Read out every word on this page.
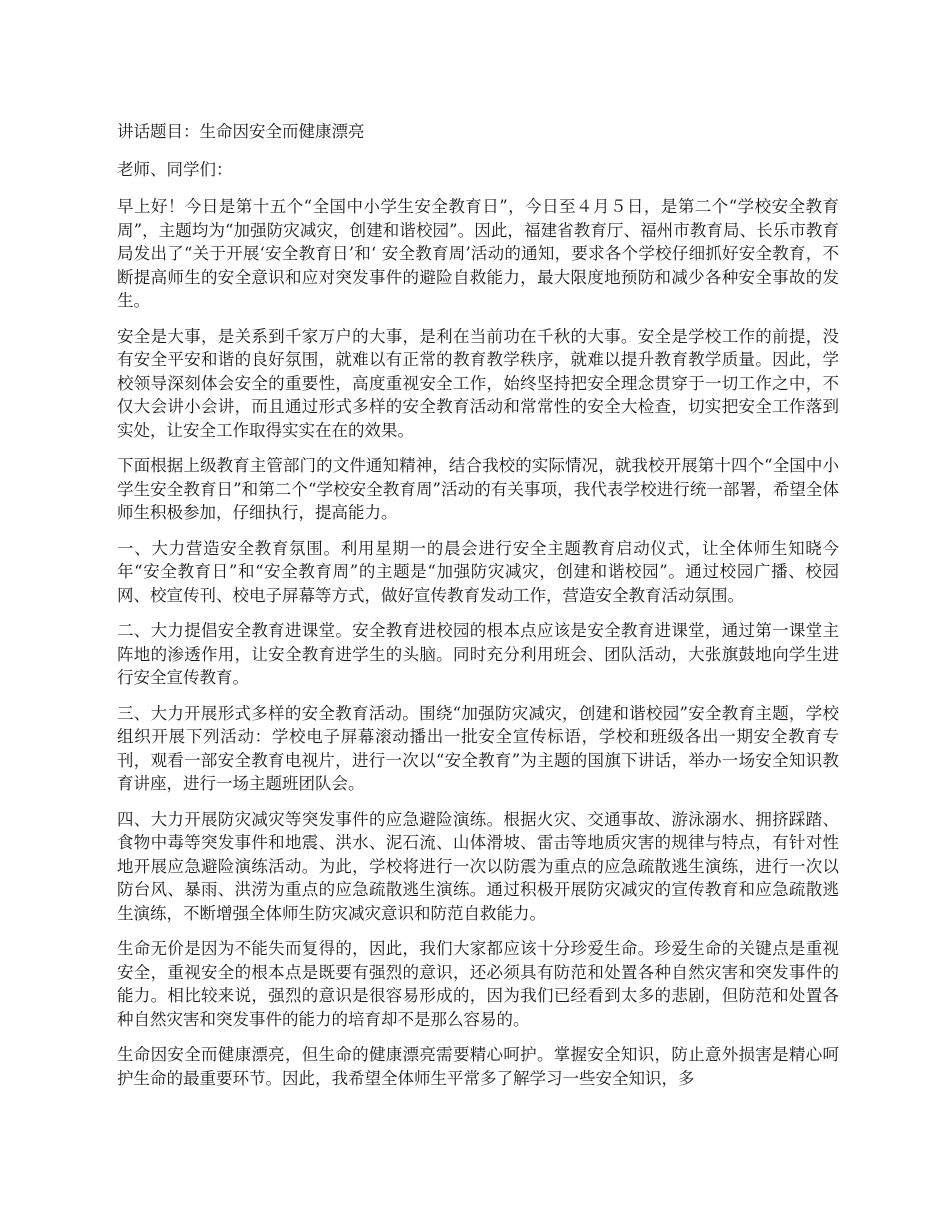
讲话题目：生命因安全而健康漂亮

老师、同学们：

早上好！今日是第十五个“全国中小学生安全教育日”，今日至４月５日，是第二个“学校安全教育周”，主题均为“加强防灾减灾，创建和谐校园”。因此，福建省教育厅、福州市教育局、长乐市教育局发出了“关于开展‘安全教育日’和‘ 安全教育周’活动的通知，要求各个学校仔细抓好安全教育，不断提高师生的安全意识和应对突发事件的避险自救能力，最大限度地预防和减少各种安全事故的发生。

安全是大事，是关系到千家万户的大事，是利在当前功在千秋的大事。安全是学校工作的前提，没有安全平安和谐的良好氛围，就难以有正常的教育教学秩序，就难以提升教育教学质量。因此，学校领导深刻体会安全的重要性，高度重视安全工作，始终坚持把安全理念贯穿于一切工作之中，不仅大会讲小会讲，而且通过形式多样的安全教育活动和常常性的安全大检查，切实把安全工作落到实处，让安全工作取得实实在在的效果。

下面根据上级教育主管部门的文件通知精神，结合我校的实际情况，就我校开展第十四个“全国中小学生安全教育日”和第二个“学校安全教育周”活动的有关事项，我代表学校进行统一部署，希望全体师生积极参加，仔细执行，提高能力。

一、大力营造安全教育氛围。利用星期一的晨会进行安全主题教育启动仪式，让全体师生知晓今年“安全教育日”和“安全教育周”的主题是“加强防灾减灾，创建和谐校园”。通过校园广播、校园网、校宣传刊、校电子屏幕等方式，做好宣传教育发动工作，营造安全教育活动氛围。

二、大力提倡安全教育进课堂。安全教育进校园的根本点应该是安全教育进课堂，通过第一课堂主阵地的渗透作用，让安全教育进学生的头脑。同时充分利用班会、团队活动，大张旗鼓地向学生进行安全宣传教育。

三、大力开展形式多样的安全教育活动。围绕“加强防灾减灾，创建和谐校园”安全教育主题，学校组织开展下列活动：学校电子屏幕滚动播出一批安全宣传标语，学校和班级各出一期安全教育专刊，观看一部安全教育电视片，进行一次以“安全教育”为主题的国旗下讲话，举办一场安全知识教育讲座，进行一场主题班团队会。

四、大力开展防灾减灾等突发事件的应急避险演练。根据火灾、交通事故、游泳溺水、拥挤踩踏、食物中毒等突发事件和地震、洪水、泥石流、山体滑坡、雷击等地质灾害的规律与特点，有针对性地开展应急避险演练活动。为此，学校将进行一次以防震为重点的应急疏散逃生演练，进行一次以防台风、暴雨、洪涝为重点的应急疏散逃生演练。通过积极开展防灾减灾的宣传教育和应急疏散逃生演练，不断增强全体师生防灾减灾意识和防范自救能力。

生命无价是因为不能失而复得的，因此，我们大家都应该十分珍爱生命。珍爱生命的关键点是重视安全，重视安全的根本点是既要有强烈的意识，还必须具有防范和处置各种自然灾害和突发事件的能力。相比较来说，强烈的意识是很容易形成的，因为我们已经看到太多的悲剧，但防范和处置各种自然灾害和突发事件的能力的培育却不是那么容易的。

生命因安全而健康漂亮，但生命的健康漂亮需要精心呵护。掌握安全知识，防止意外损害是精心呵护生命的最重要环节。因此，我希望全体师生平常多了解学习一些安全知识，多
